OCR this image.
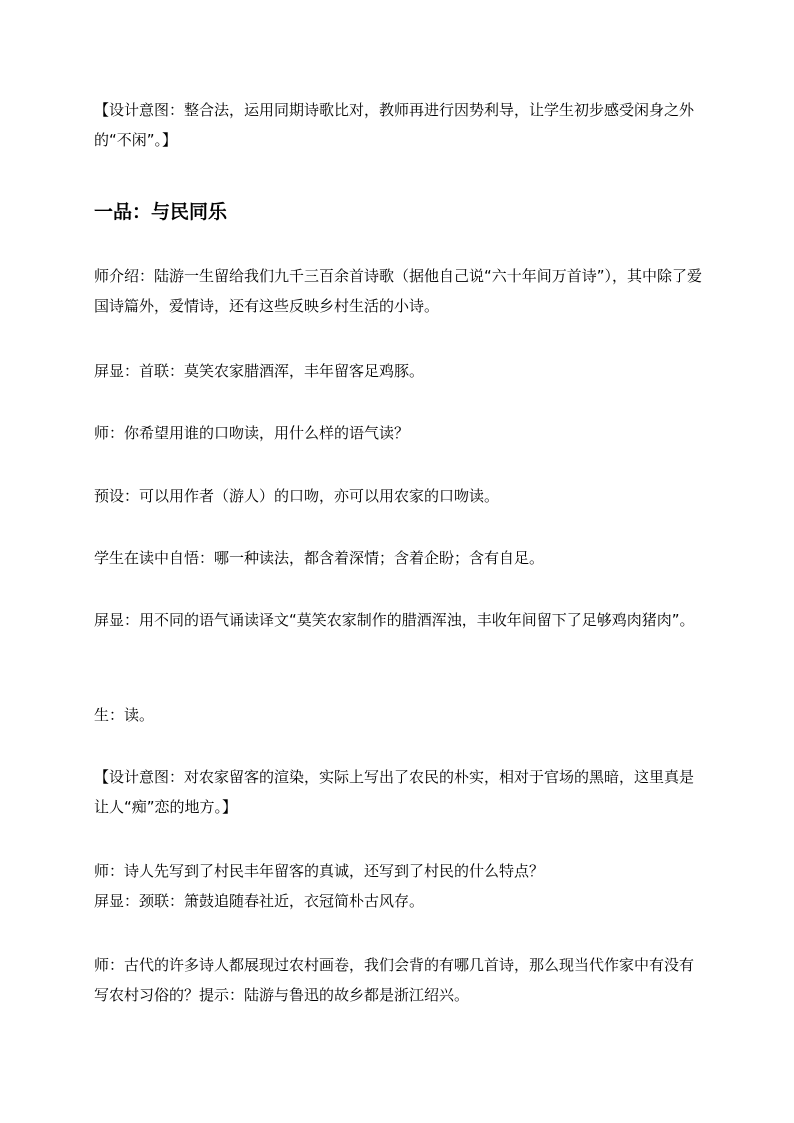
【设计意图：整合法，运用同期诗歌比对，教师再进行因势利导，让学生初步感受闲身之外的“不闲”。】

一品：与民同乐

师介绍：陆游一生留给我们九千三百余首诗歌（据他自己说“六十年间万首诗”），其中除了爱国诗篇外，爱情诗，还有这些反映乡村生活的小诗。

屏显：首联：莫笑农家腊酒浑，丰年留客足鸡豚。

师：你希望用谁的口吻读，用什么样的语气读？

预设：可以用作者（游人）的口吻，亦可以用农家的口吻读。

学生在读中自悟：哪一种读法，都含着深情；含着企盼；含有自足。

屏显：用不同的语气诵读译文“莫笑农家制作的腊酒浑浊，丰收年间留下了足够鸡肉猪肉”。

生：读。

【设计意图：对农家留客的渲染，实际上写出了农民的朴实，相对于官场的黑暗，这里真是让人“痴”恋的地方。】

师：诗人先写到了村民丰年留客的真诚，还写到了村民的什么特点？

屏显：颈联：箫鼓追随春社近，衣冠简朴古风存。

师：古代的许多诗人都展现过农村画卷，我们会背的有哪几首诗，那么现当代作家中有没有写农村习俗的？提示：陆游与鲁迅的故乡都是浙江绍兴。
